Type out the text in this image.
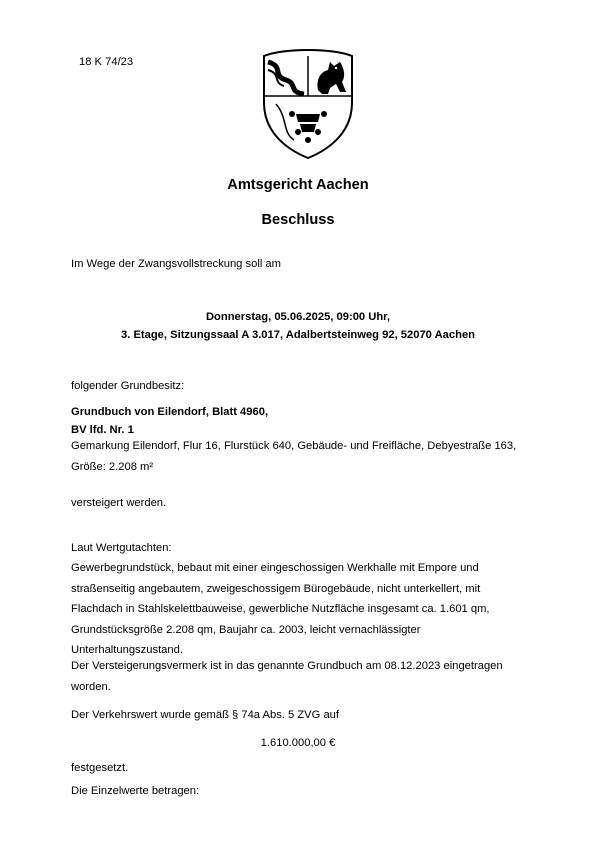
18 K 74/23

Amtsgericht Aachen
Beschluss

Im Wege der Zwangsvollstreckung soll am

Donnerstag, 05.06.2025, 09:00 Uhr,

3. Etage, Sitzungssaal A 3.017, Adalbertsteinweg 92, 52070 Aachen

folgender Grundbesitz:

Grundbuch von Eilendorf, Blatt 4960,

BV lfd. Nr. 1

Gemarkung Eilendorf, Flur 16, Flurstück 640, Gebäude- und Freifläche, Debyestraße 163, Größe: 2.208 m²

versteigert werden.

Laut Wertgutachten:

Gewerbegrundstück, bebaut mit einer eingeschossigen Werkhalle mit Empore und straßenseitig angebautem, zweigeschossigem Bürogebäude, nicht unterkellert, mit Flachdach in Stahlskelettbauweise, gewerbliche Nutzfläche insgesamt ca. 1.601 qm, Grundstücksgröße 2.208 qm, Baujahr ca. 2003, leicht vernachlässigter Unterhaltungszustand.

Der Versteigerungsvermerk ist in das genannte Grundbuch am 08.12.2023 eingetragen worden.

Der Verkehrswert wurde gemäß § 74a Abs. 5 ZVG auf

1.610.000,00 €

festgesetzt.

Die Einzelwerte betragen:
